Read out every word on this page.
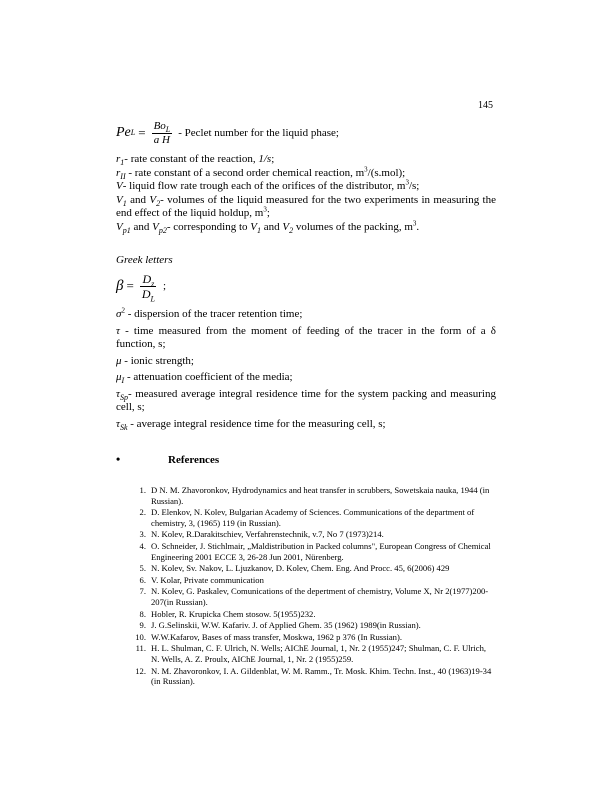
145
Pe $L = \frac{Bo_L}{\text{a H}}$ - Peclet number for the liquid phase;
$r_1-$ rate constant of the reaction, 1/s;
$r_{II}$ - rate constant of a second order chemical reaction, $m^3/(s.mol)$;
V- liquid flow rate trough each of the orifices of the distributor, $m^3/s$;
$V_1$ and $V_2-$ volumes of the liquid measured for the two experiments in measuring the end effect of the liquid holdup, $m^3$;
$V_{p1}$ and $V_{p2}-$ corresponding to $V_1$ and $V_2$ volumes of the packing, $m^3$.
Greek letters
$\beta = \frac{D_z}{D_L}$ ;
$\sigma^2$ - dispersion of the tracer retention time;
τ - time measured from the moment of feeding of the tracer in the form of a δ function, s;
μ - ionic strength;
$\mu_I$ - attenuation coefficient of the media;
$\tau_{Sp}-$ measured average integral residence time for the system packing and measuring cell, s;
$\tau_{Sk}$ - average integral residence time for the measuring cell, s;
•	References
1. D N. M. Zhavoronkov, Hydrodynamics and heat transfer in scrubbers, Sowetskaia nauka, 1944 (in Russian).
2. D. Elenkov, N. Kolev, Bulgarian Academy of Sciences. Communications of the department of chemistry, 3, (1965) 119 (in Russian).
3. N. Kolev, R.Darakitschiev, Verfahrenstechnik, v.7, No 7 (1973)214.
4. O. Schneider, J. Stichlmair, „Maldistribution in Packed columns", European Congress of Chemical Engineering 2001 ECCE 3, 26-28 Jun 2001, Nürenberg.
5. N. Kolev, Sv. Nakov, L. Ljuzkanov, D. Kolev, Chem. Eng. And Procc. 45, 6(2006) 429
6. V. Kolar, Private communication
7. N. Kolev, G. Paskalev, Comunications of the depertment of chemistry, Volume X, Nr 2(1977)200-207(in Russian).
8. Hobler, R. Krupicka Chem stosow. 5(1955)232.
9. J. G.Selinskii, W.W. Kafariv. J. of Applied Ghem. 35 (1962) 1989(in Russian).
10. W.W.Kafarov, Bases of mass transfer, Moskwa, 1962 p 376 (In Russian).
11. H. L. Shulman, C. F. Ulrich, N. Wells; AIChE Journal, 1, Nr. 2 (1955)247; Shulman, C. F. Ulrich, N. Wells, A. Z. Proulx, AIChE Journal, 1, Nr. 2 (1955)259.
12. N. M. Zhavoronkov, I. A. Gildenblat, W. M. Ramm., Tr. Mosk. Khim. Techn. Inst., 40 (1963)19-34 (in Russian).
